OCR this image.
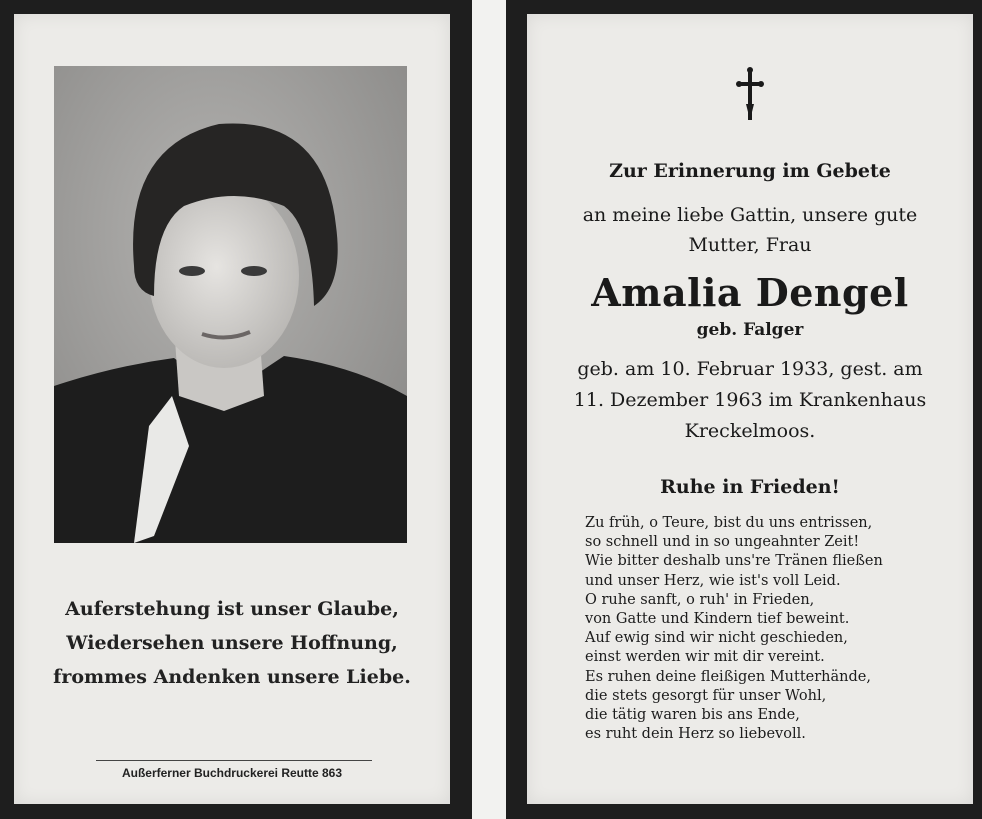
Auferstehung ist unser Glaube,
Wiedersehen unsere Hoffnung,
frommes Andenken unsere Liebe.
Außerferner Buchdruckerei Reutte 863
Zur Erinnerung im Gebete
an meine liebe Gattin, unsere gute
Mutter, Frau
Amalia Dengel
geb. Falger
geb. am 10. Februar 1933, gest. am
11. Dezember 1963 im Krankenhaus
Kreckelmoos.
Ruhe in Frieden!
Zu früh, o Teure, bist du uns entrissen,
so schnell und in so ungeahnter Zeit!
Wie bitter deshalb uns're Tränen fließen
und unser Herz, wie ist's voll Leid.
O ruhe sanft, o ruh' in Frieden,
von Gatte und Kindern tief beweint.
Auf ewig sind wir nicht geschieden,
einst werden wir mit dir vereint.
Es ruhen deine fleißigen Mutterhände,
die stets gesorgt für unser Wohl,
die tätig waren bis ans Ende,
es ruht dein Herz so liebevoll.
